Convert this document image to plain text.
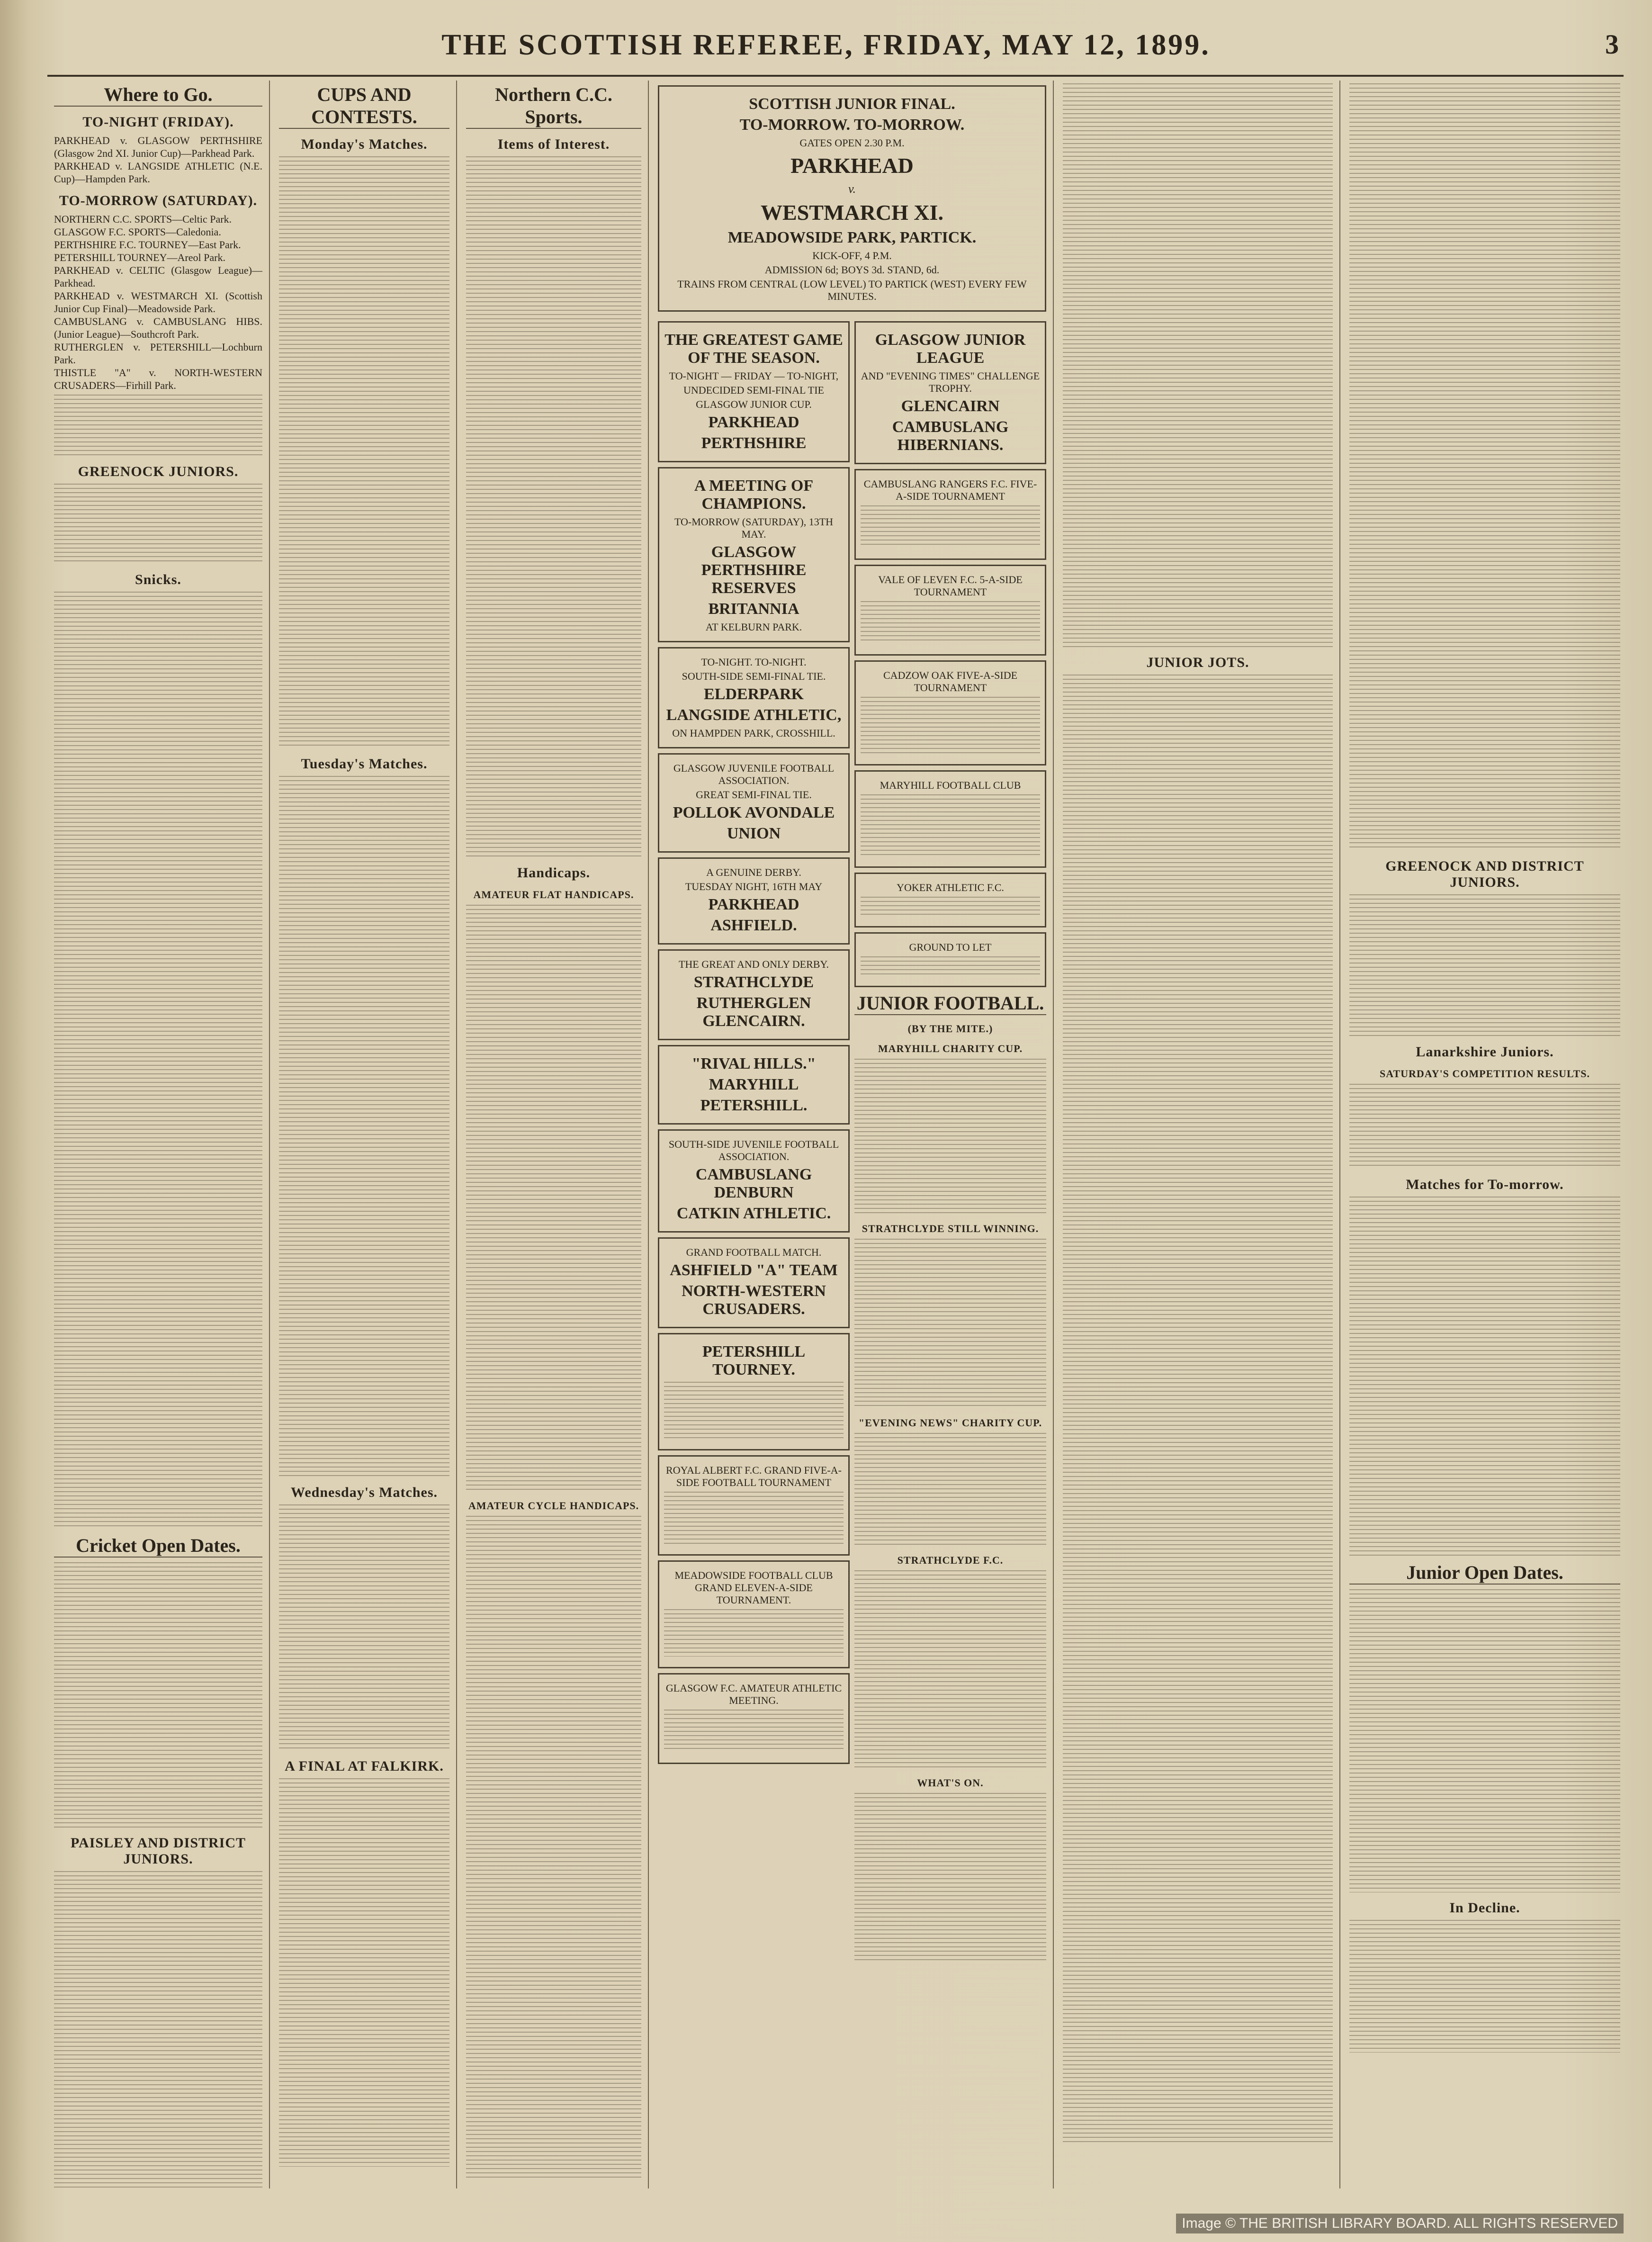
THE SCOTTISH REFEREE, FRIDAY, MAY 12, 1899.	3
Where to Go.
TO-NIGHT (FRIDAY).

PARKHEAD v. GLASGOW PERTHSHIRE (Glasgow 2nd XI. Junior Cup)—Parkhead Park.

PARKHEAD v. LANGSIDE ATHLETIC (N.E. Cup)—Hampden Park.

TO-MORROW (SATURDAY).

NORTHERN C.C. SPORTS—Celtic Park.

GLASGOW F.C. SPORTS—Caledonia.

PERTHSHIRE F.C. TOURNEY—East Park.

PETERSHILL TOURNEY—Areol Park.

PARKHEAD v. CELTIC (Glasgow League)—Parkhead.

PARKHEAD v. WESTMARCH XI. (Scottish Junior Cup Final)—Meadowside Park.

CAMBUSLANG v. CAMBUSLANG HIBS. (Junior League)—Southcroft Park.

RUTHERGLEN v. PETERSHILL—Lochburn Park.

THISTLE "A" v. NORTH-WESTERN CRUSADERS—Firhill Park.

GREENOCK JUNIORS.
Snicks.
Cricket Open Dates.
PAISLEY AND DISTRICT JUNIORS.
CUPS AND CONTESTS.
Monday's Matches.
Tuesday's Matches.
Wednesday's Matches.
A FINAL AT FALKIRK.
Northern C.C. Sports.
Items of Interest.
Handicaps.
AMATEUR FLAT HANDICAPS.
AMATEUR CYCLE HANDICAPS.
SCOTTISH JUNIOR FINAL.
TO-MORROW. TO-MORROW.
GATES OPEN 2.30 P.M.
PARKHEAD
v.
WESTMARCH XI.
MEADOWSIDE PARK, PARTICK.
KICK-OFF, 4 P.M.
ADMISSION 6d; BOYS 3d. STAND, 6d.
TRAINS FROM CENTRAL (LOW LEVEL) TO PARTICK (WEST) EVERY FEW MINUTES.
THE GREATEST GAME OF THE SEASON.
TO-NIGHT — FRIDAY — TO-NIGHT,
UNDECIDED SEMI-FINAL TIE
GLASGOW JUNIOR CUP.
PARKHEAD
PERTHSHIRE
A MEETING OF CHAMPIONS.
TO-MORROW (SATURDAY), 13TH MAY.
GLASGOW PERTHSHIRE RESERVES
BRITANNIA
AT KELBURN PARK.
TO-NIGHT. TO-NIGHT.
SOUTH-SIDE SEMI-FINAL TIE.
ELDERPARK
LANGSIDE ATHLETIC,
ON HAMPDEN PARK, CROSSHILL.
GLASGOW JUVENILE FOOTBALL ASSOCIATION.
GREAT SEMI-FINAL TIE.
POLLOK AVONDALE
UNION
A GENUINE DERBY.
TUESDAY NIGHT, 16TH MAY
PARKHEAD
ASHFIELD.
THE GREAT AND ONLY DERBY.
STRATHCLYDE
RUTHERGLEN GLENCAIRN.
"RIVAL HILLS."
MARYHILL
PETERSHILL.
SOUTH-SIDE JUVENILE FOOTBALL ASSOCIATION.
CAMBUSLANG DENBURN
CATKIN ATHLETIC.
GRAND FOOTBALL MATCH.
ASHFIELD "A" TEAM
NORTH-WESTERN CRUSADERS.
PETERSHILL TOURNEY.
ROYAL ALBERT F.C. GRAND FIVE-A-SIDE FOOTBALL TOURNAMENT
MEADOWSIDE FOOTBALL CLUB GRAND ELEVEN-A-SIDE TOURNAMENT.
GLASGOW F.C. AMATEUR ATHLETIC MEETING.
GLASGOW JUNIOR LEAGUE
AND "EVENING TIMES" CHALLENGE TROPHY.
GLENCAIRN
CAMBUSLANG HIBERNIANS.
CAMBUSLANG RANGERS F.C. FIVE-A-SIDE TOURNAMENT
VALE OF LEVEN F.C. 5-A-SIDE TOURNAMENT
CADZOW OAK FIVE-A-SIDE TOURNAMENT
MARYHILL FOOTBALL CLUB
YOKER ATHLETIC F.C.
GROUND TO LET
JUNIOR FOOTBALL.
(BY THE MITE.)
MARYHILL CHARITY CUP.
STRATHCLYDE STILL WINNING.
"EVENING NEWS" CHARITY CUP.
STRATHCLYDE F.C.
WHAT'S ON.
JUNIOR JOTS.
GREENOCK AND DISTRICT JUNIORS.
Lanarkshire Juniors.
SATURDAY'S COMPETITION RESULTS.
Matches for To-morrow.
Junior Open Dates.
In Decline.
Image © THE BRITISH LIBRARY BOARD. ALL RIGHTS RESERVED
